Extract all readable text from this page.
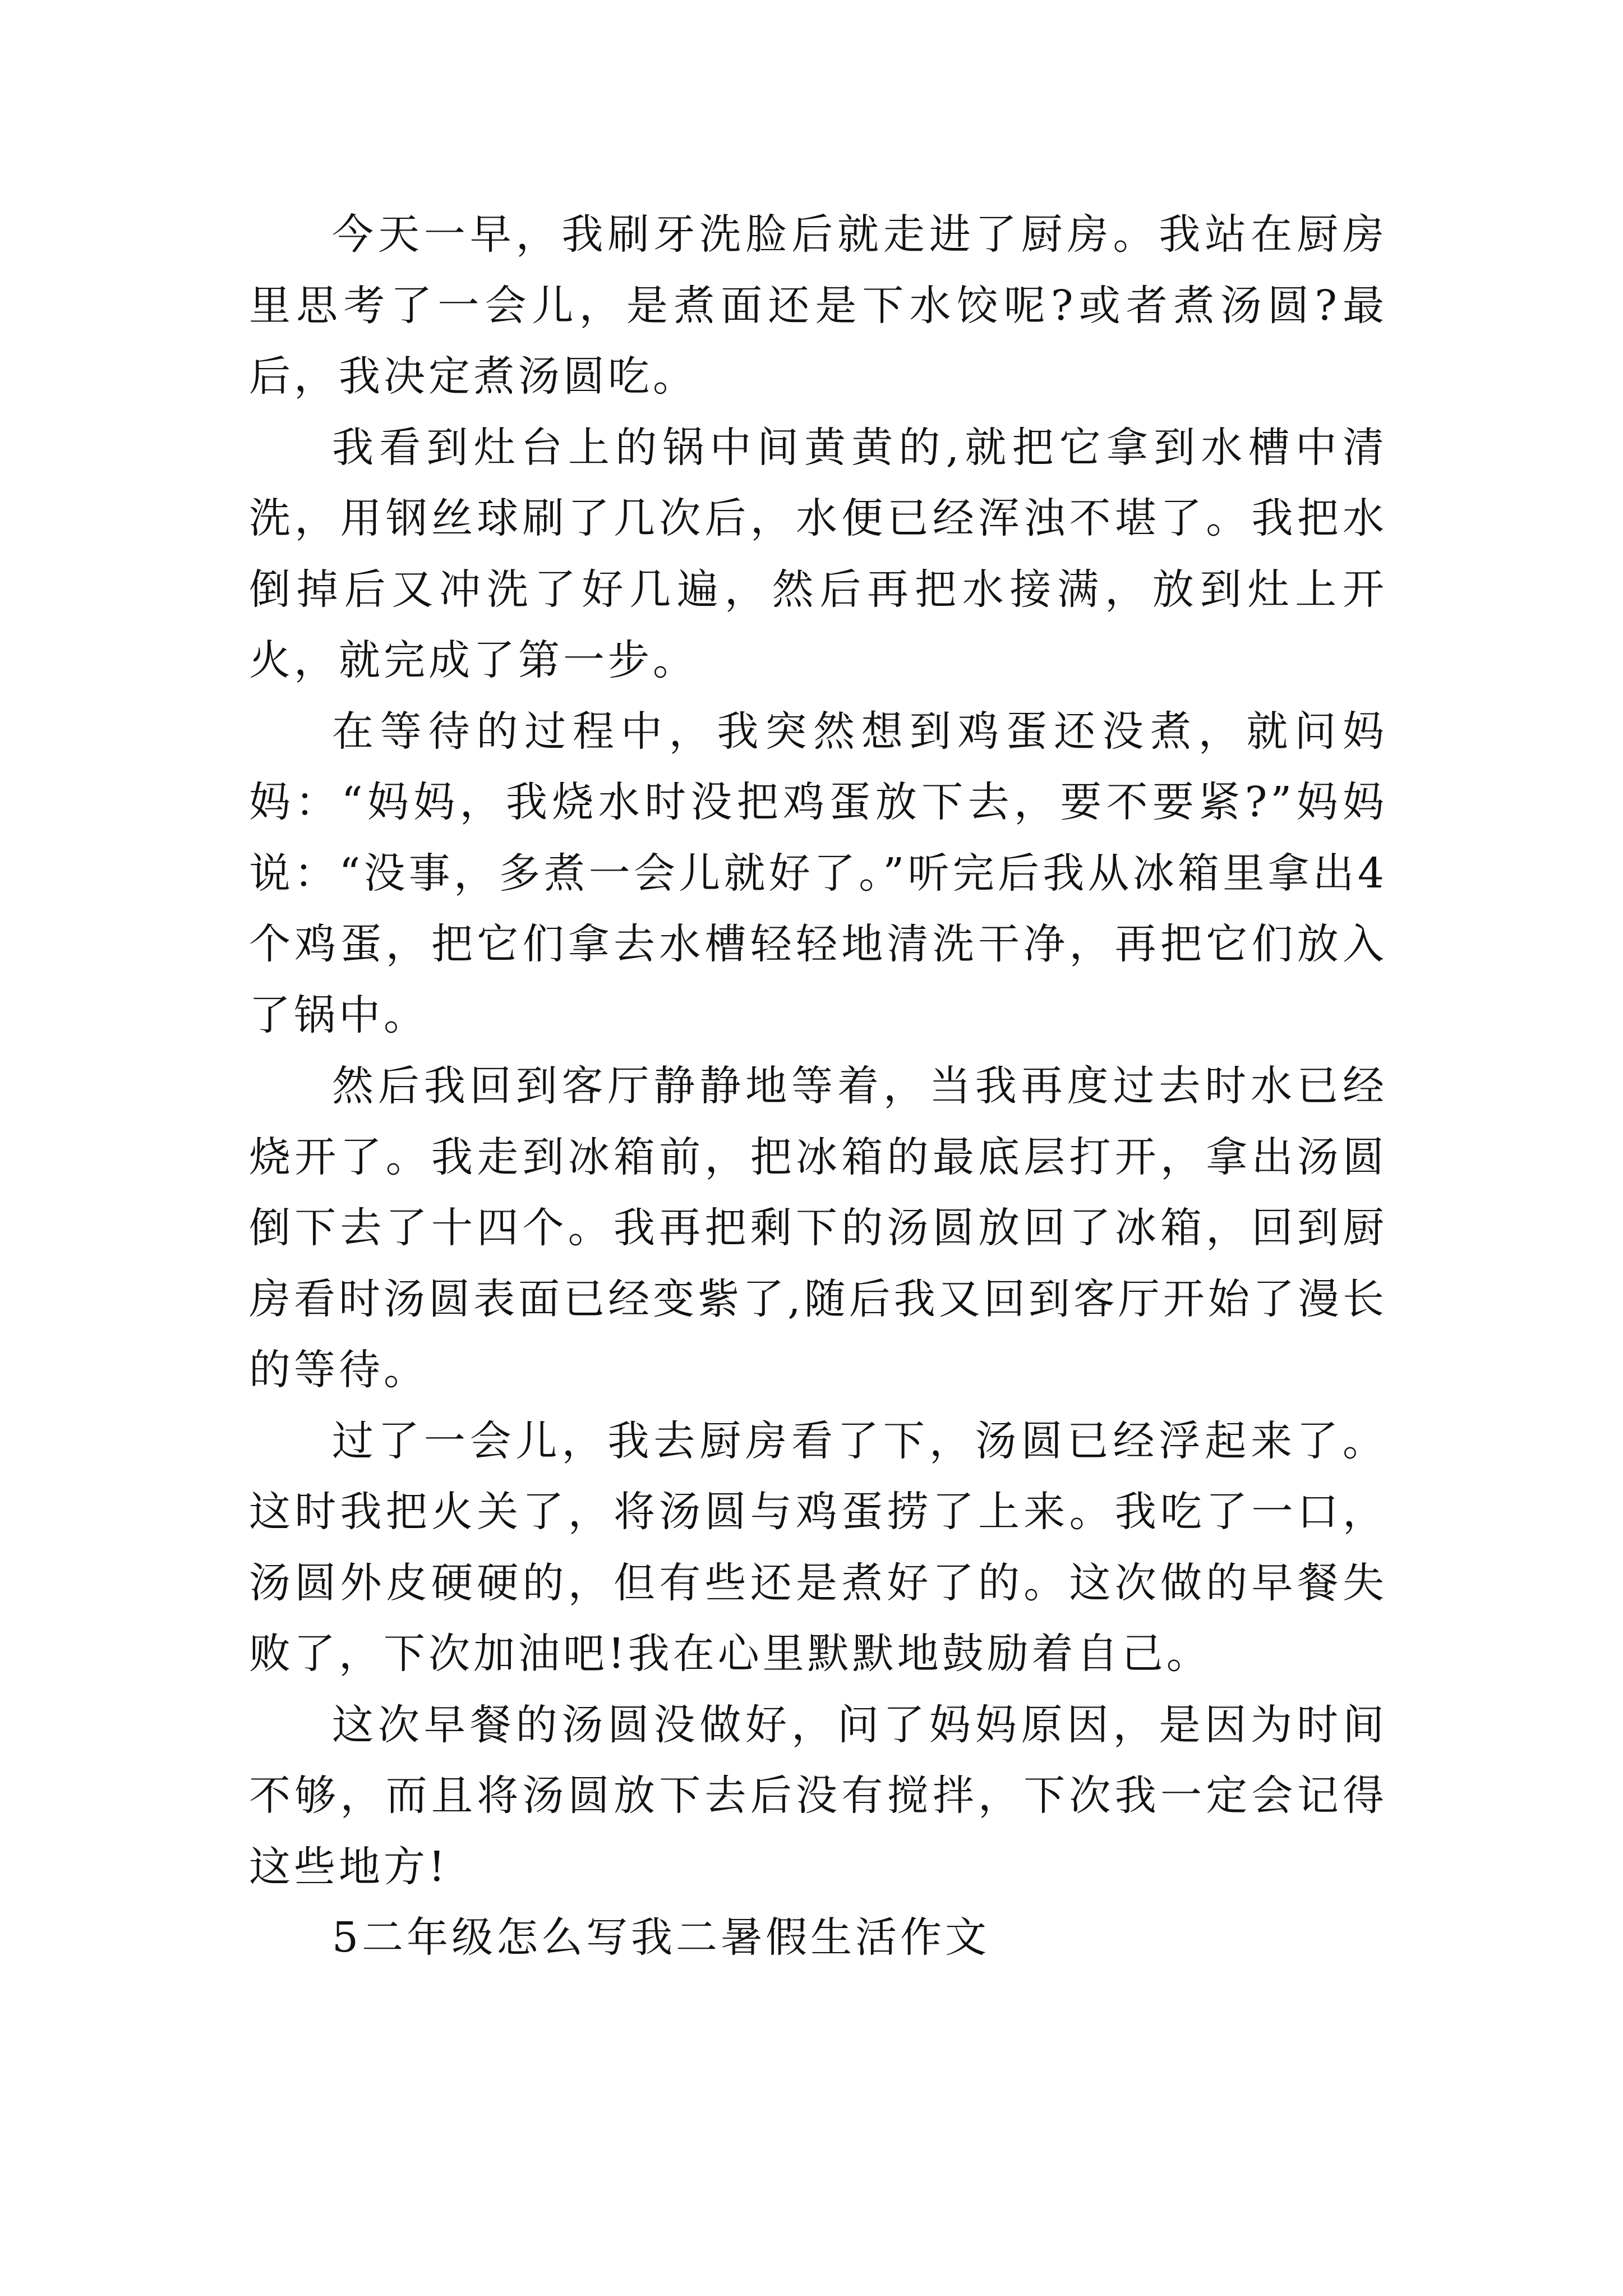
今天一早，我刷牙洗脸后就走进了厨房。我站在厨房里思考了一会儿，是煮面还是下水饺呢?或者煮汤圆?最后，我决定煮汤圆吃。

我看到灶台上的锅中间黄黄的,就把它拿到水槽中清洗，用钢丝球刷了几次后，水便已经浑浊不堪了。我把水倒掉后又冲洗了好几遍，然后再把水接满，放到灶上开火，就完成了第一步。

在等待的过程中，我突然想到鸡蛋还没煮，就问妈妈：“妈妈，我烧水时没把鸡蛋放下去，要不要紧?”妈妈说：“没事，多煮一会儿就好了。”听完后我从冰箱里拿出4个鸡蛋，把它们拿去水槽轻轻地清洗干净，再把它们放入了锅中。

然后我回到客厅静静地等着，当我再度过去时水已经烧开了。我走到冰箱前，把冰箱的最底层打开，拿出汤圆倒下去了十四个。我再把剩下的汤圆放回了冰箱，回到厨房看时汤圆表面已经变紫了,随后我又回到客厅开始了漫长的等待。

过了一会儿，我去厨房看了下，汤圆已经浮起来了。这时我把火关了，将汤圆与鸡蛋捞了上来。我吃了一口，汤圆外皮硬硬的，但有些还是煮好了的。这次做的早餐失败了，下次加油吧!我在心里默默地鼓励着自己。

这次早餐的汤圆没做好，问了妈妈原因，是因为时间不够，而且将汤圆放下去后没有搅拌，下次我一定会记得这些地方!

5二年级怎么写我二暑假生活作文
